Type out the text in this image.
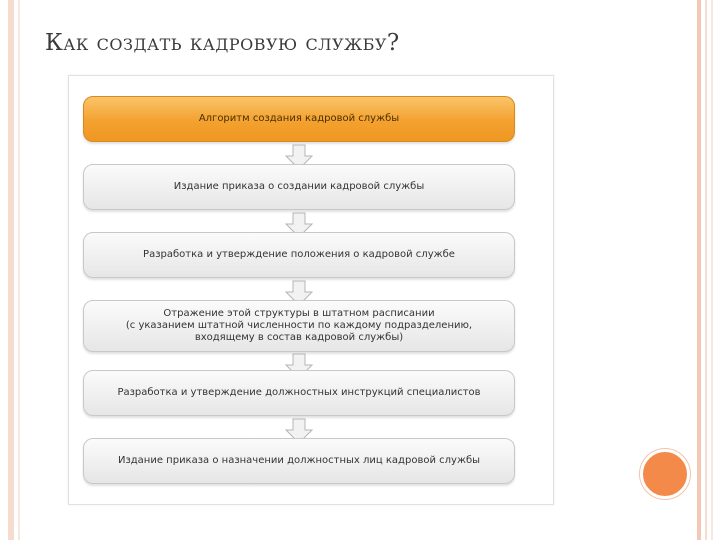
Как создать кадровую службу?
Алгоритм создания кадровой службы
Издание приказа о создании кадровой службы
Разработка и утверждение положения о кадровой службе
Отражение этой структуры в штатном расписании
(с указанием штатной численности по каждому подразделению,
входящему в состав кадровой службы)
Разработка и утверждение должностных инструкций специалистов
Издание приказа о назначении должностных лиц кадровой службы
